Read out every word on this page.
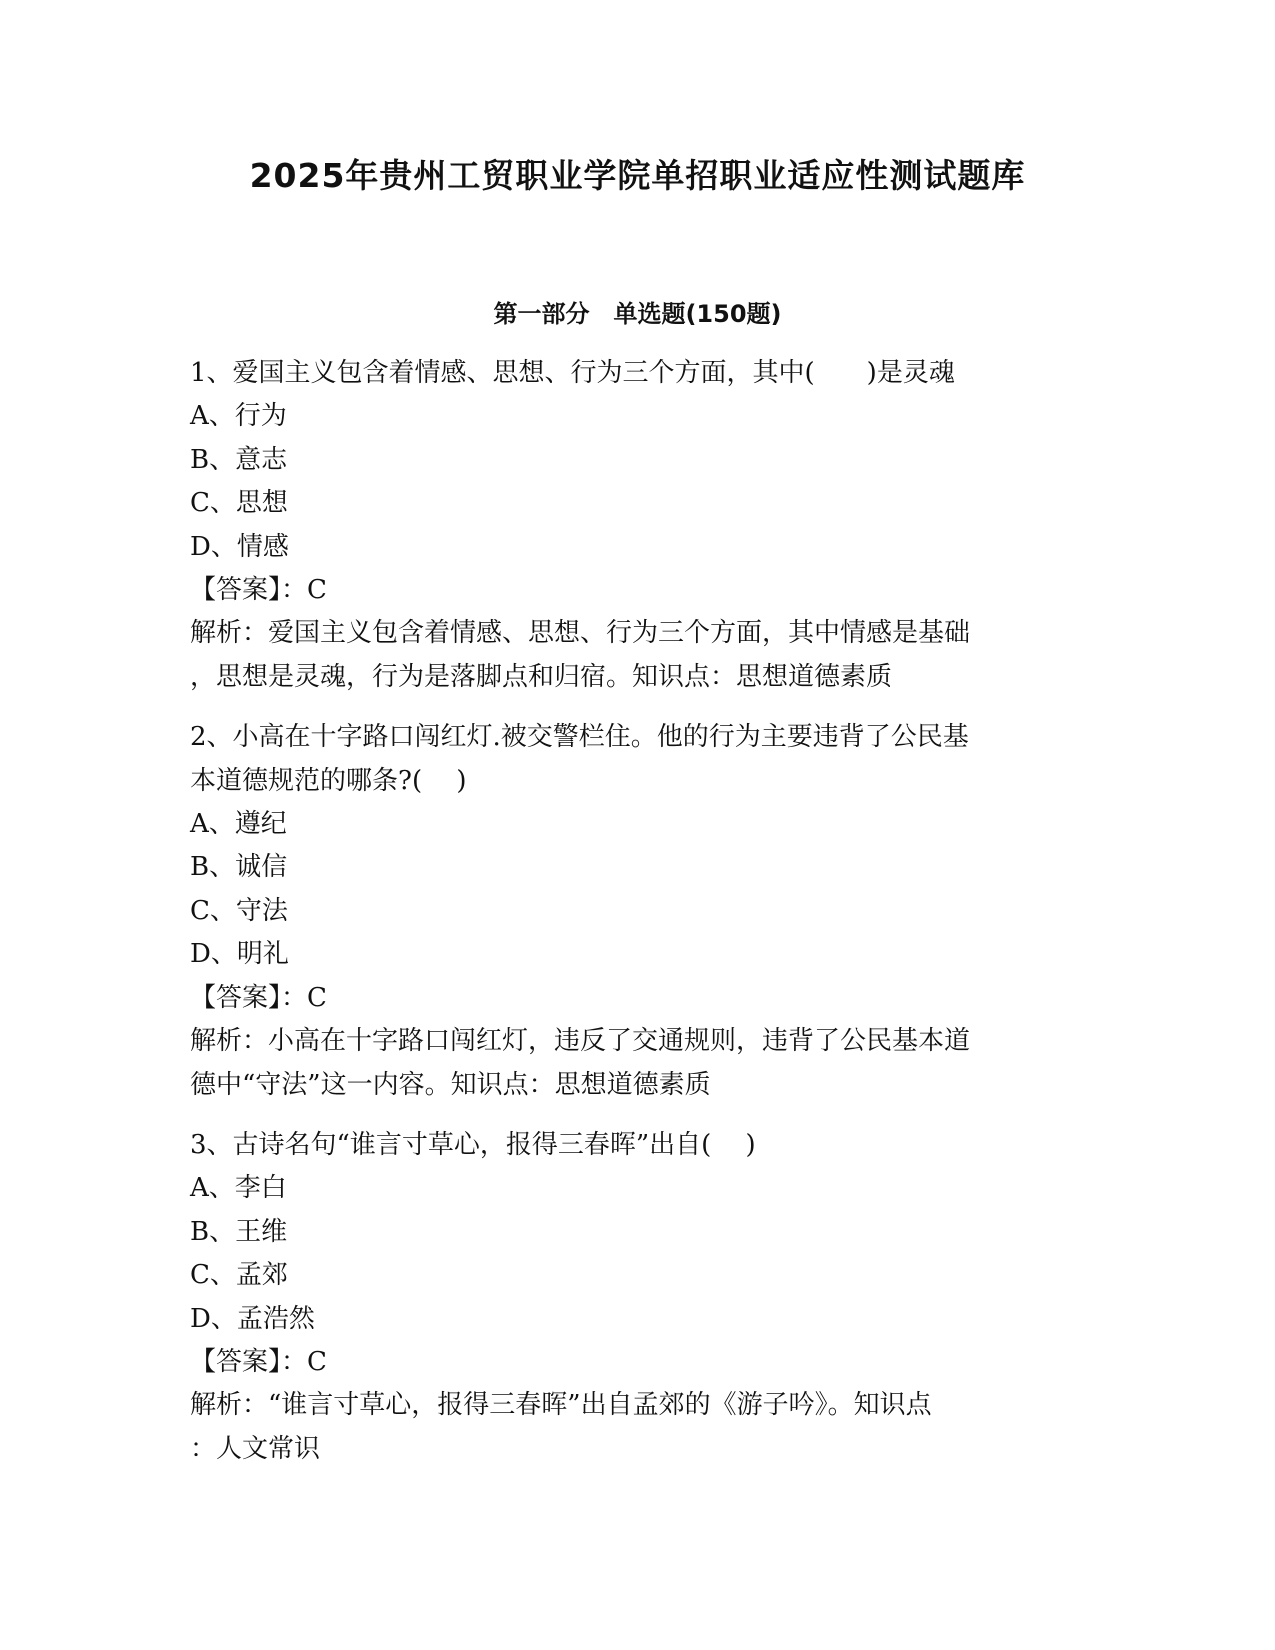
2025年贵州工贸职业学院单招职业适应性测试题库
第一部分　单选题(150题)

1、爱国主义包含着情感、思想、行为三个方面，其中(　　)是灵魂

A、行为

B、意志

C、思想

D、情感

【答案】：C

解析：爱国主义包含着情感、思想、行为三个方面，其中情感是基础

，思想是灵魂，行为是落脚点和归宿。知识点：思想道德素质

2、小高在十字路口闯红灯.被交警栏住。他的行为主要违背了公民基

本道德规范的哪条?(　 )

A、遵纪

B、诚信

C、守法

D、明礼

【答案】：C

解析：小高在十字路口闯红灯，违反了交通规则，违背了公民基本道

德中“守法”这一内容。知识点：思想道德素质

3、古诗名句“谁言寸草心，报得三春晖”出自(　 )

A、李白

B、王维

C、孟郊

D、孟浩然

【答案】：C

解析：“谁言寸草心，报得三春晖”出自孟郊的《游子吟》。知识点

：人文常识
